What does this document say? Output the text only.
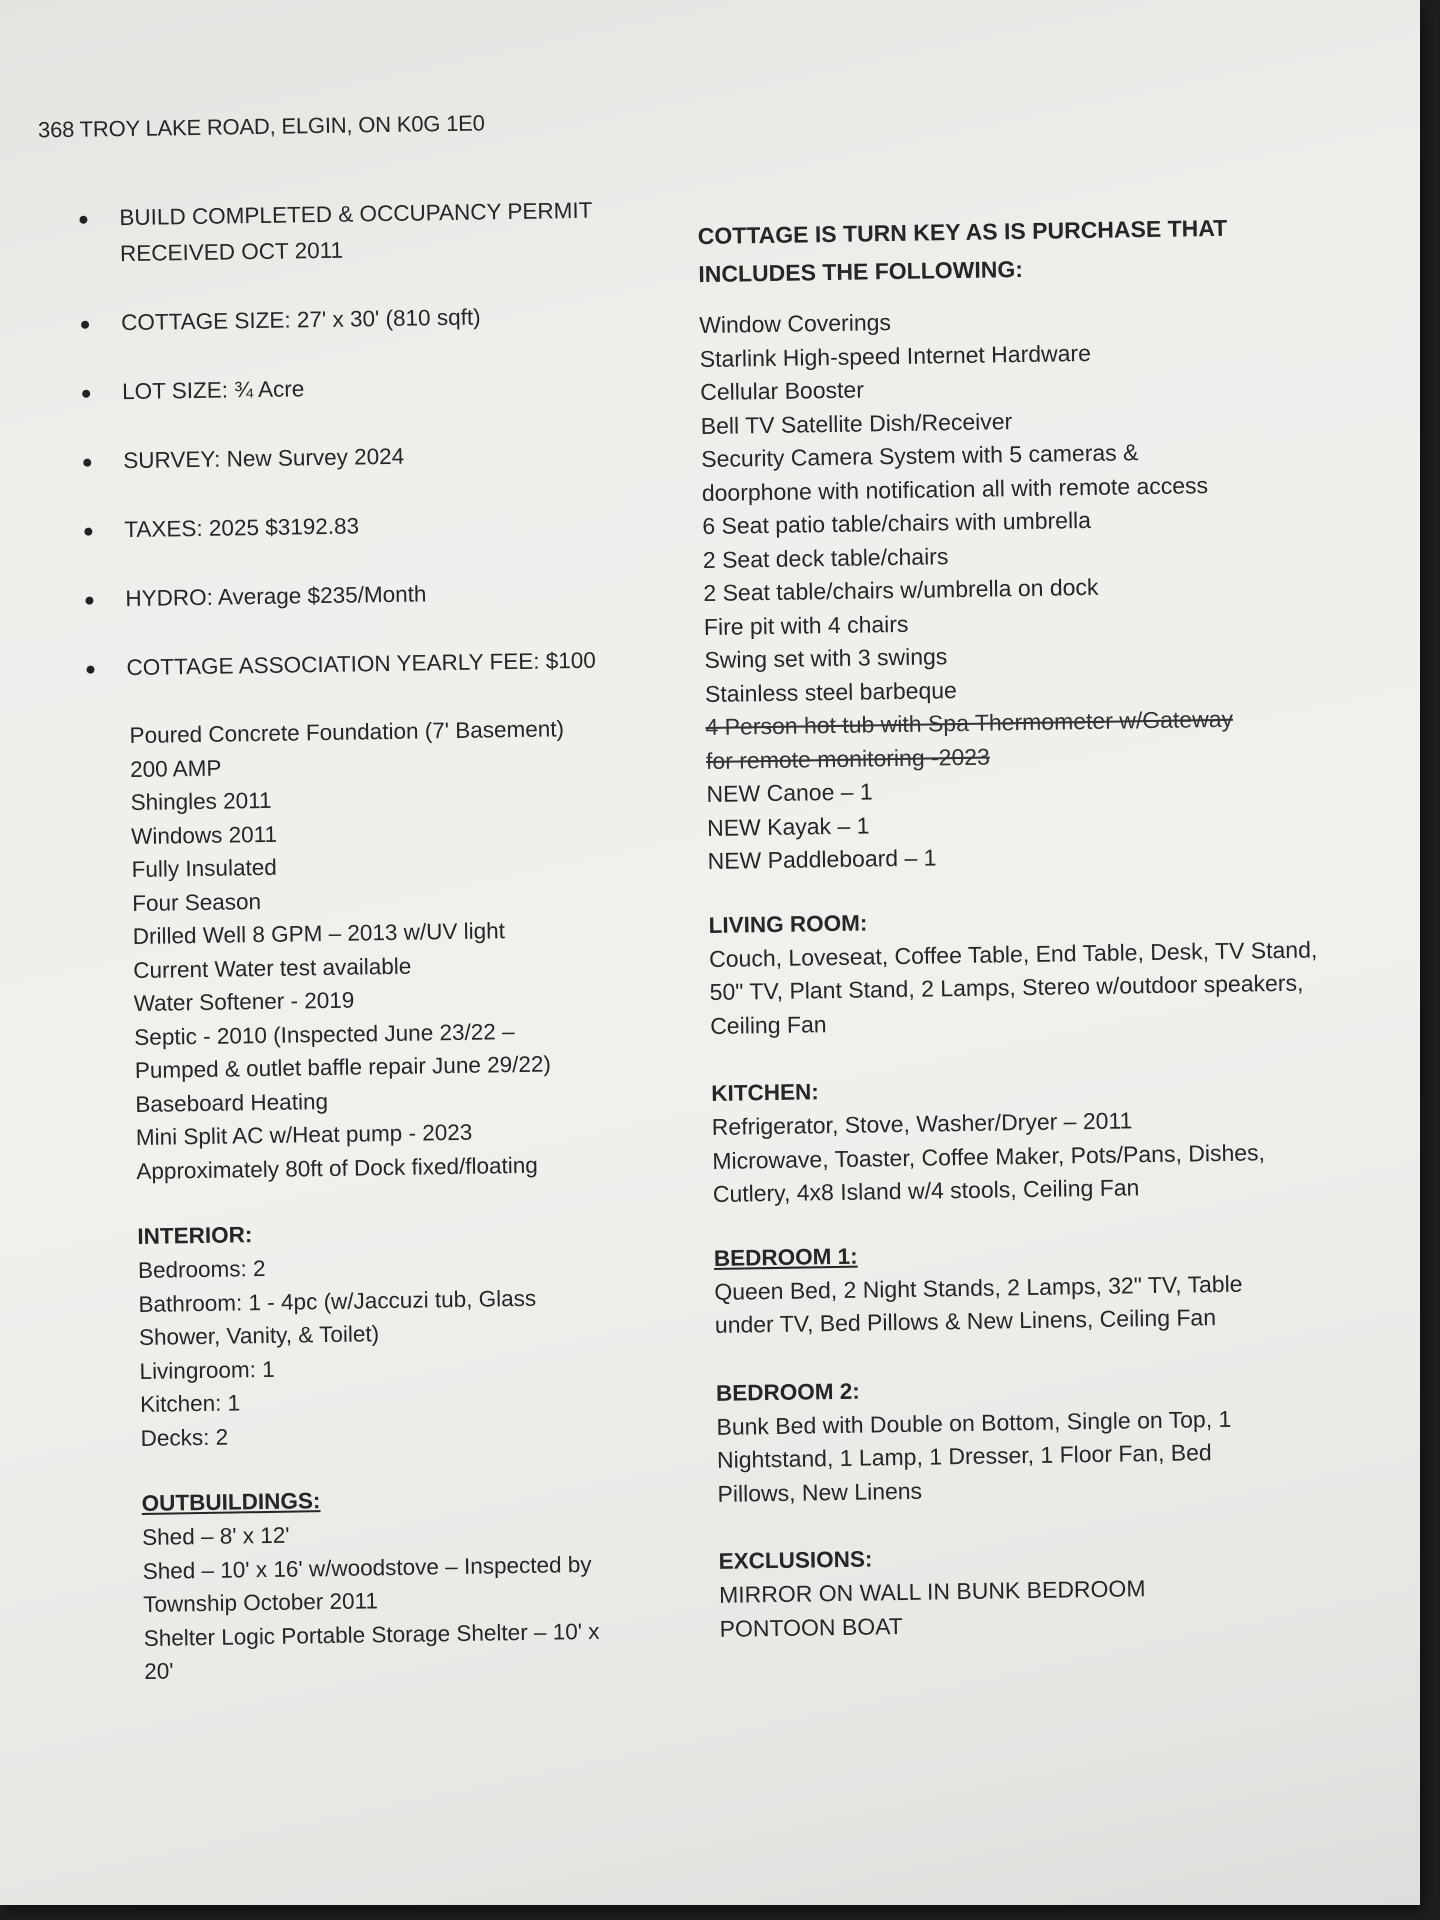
368 TROY LAKE ROAD, ELGIN, ON K0G 1E0
BUILD COMPLETED & OCCUPANCY PERMIT RECEIVED OCT 2011
COTTAGE SIZE: 27' x 30' (810 sqft)
LOT SIZE: ¾ Acre
SURVEY: New Survey 2024
TAXES: 2025 $3192.83
HYDRO: Average $235/Month
COTTAGE ASSOCIATION YEARLY FEE: $100
Poured Concrete Foundation (7' Basement)
200 AMP
Shingles 2011
Windows 2011
Fully Insulated
Four Season
Drilled Well 8 GPM – 2013 w/UV light
Current Water test available
Water Softener - 2019
Septic - 2010 (Inspected June 23/22 –
Pumped & outlet baffle repair June 29/22)
Baseboard Heating
Mini Split AC w/Heat pump - 2023
Approximately 80ft of Dock fixed/floating
INTERIOR:
Bedrooms: 2
Bathroom: 1 - 4pc (w/Jaccuzi tub, Glass
Shower, Vanity, & Toilet)
Livingroom: 1
Kitchen: 1
Decks: 2
OUTBUILDINGS:
Shed – 8' x 12'
Shed – 10' x 16' w/woodstove – Inspected by
Township October 2011
Shelter Logic Portable Storage Shelter – 10' x
20'
COTTAGE IS TURN KEY AS IS PURCHASE THAT
INCLUDES THE FOLLOWING:
Window Coverings
Starlink High-speed Internet Hardware
Cellular Booster
Bell TV Satellite Dish/Receiver
Security Camera System with 5 cameras &
doorphone with notification all with remote access
6 Seat patio table/chairs with umbrella
2 Seat deck table/chairs
2 Seat table/chairs w/umbrella on dock
Fire pit with 4 chairs
Swing set with 3 swings
Stainless steel barbeque
4 Person hot tub with Spa Thermometer w/Gateway
for remote monitoring -2023
NEW Canoe – 1
NEW Kayak – 1
NEW Paddleboard – 1
LIVING ROOM:
Couch, Loveseat, Coffee Table, End Table, Desk, TV Stand, 50" TV, Plant Stand, 2 Lamps, Stereo w/outdoor speakers, Ceiling Fan
KITCHEN:
Refrigerator, Stove, Washer/Dryer – 2011
Microwave, Toaster, Coffee Maker, Pots/Pans, Dishes,
Cutlery, 4x8 Island w/4 stools, Ceiling Fan
BEDROOM 1:
Queen Bed, 2 Night Stands, 2 Lamps, 32" TV, Table under TV, Bed Pillows & New Linens, Ceiling Fan
BEDROOM 2:
Bunk Bed with Double on Bottom, Single on Top, 1 Nightstand, 1 Lamp, 1 Dresser, 1 Floor Fan, Bed Pillows, New Linens
EXCLUSIONS:
MIRROR ON WALL IN BUNK BEDROOM
PONTOON BOAT
